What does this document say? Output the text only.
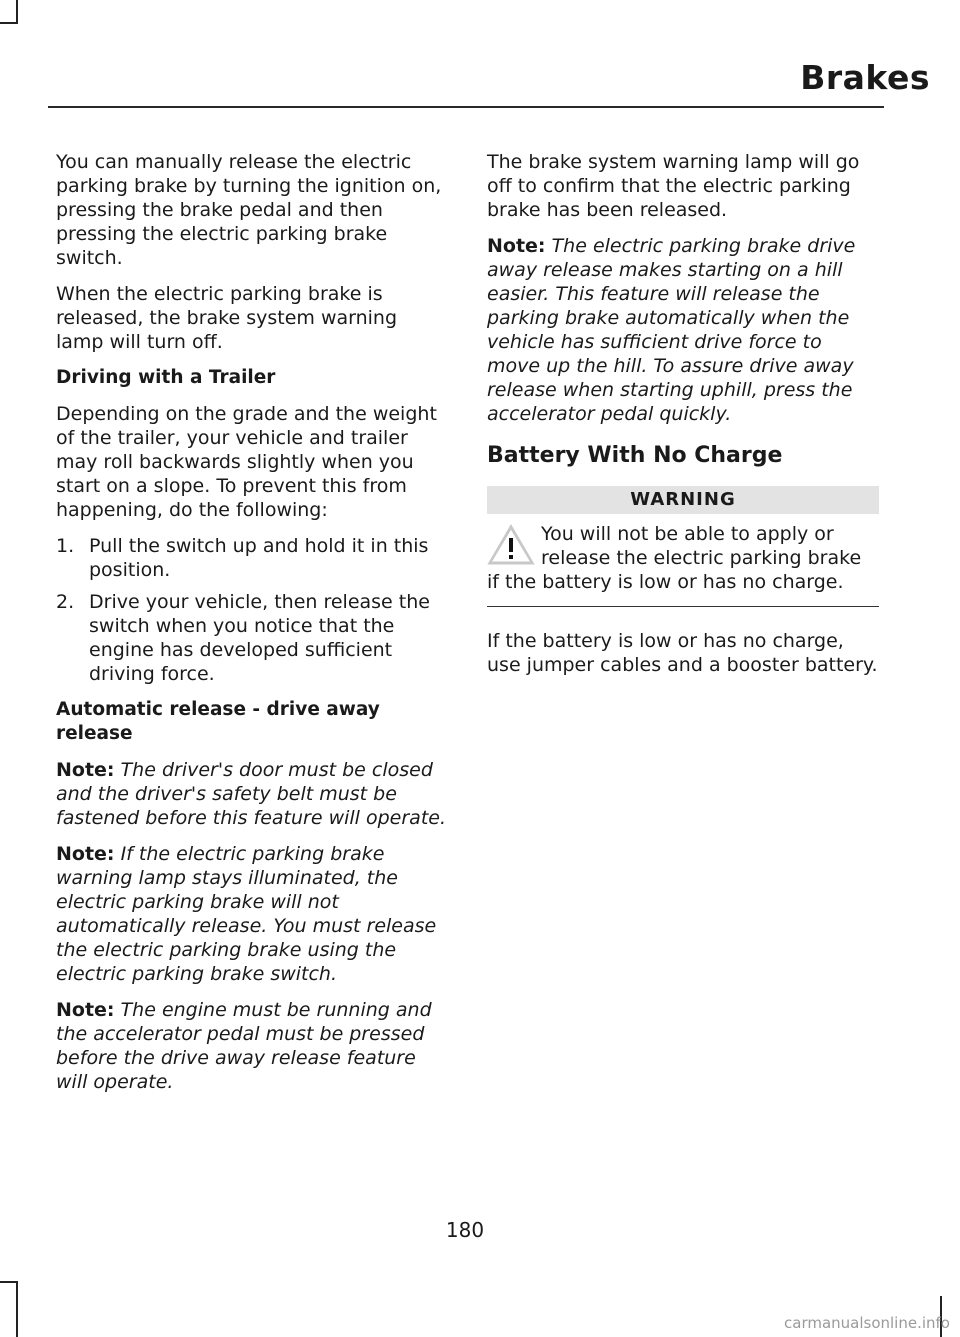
Brakes

You can manually release the electric parking brake by turning the ignition on, pressing the brake pedal and then pressing the electric parking brake switch.

When the electric parking brake is released, the brake system warning lamp will turn off.

Driving with a Trailer

Depending on the grade and the weight of the trailer, your vehicle and trailer may roll backwards slightly when you start on a slope. To prevent this from happening, do the following:

1. Pull the switch up and hold it in this position.
2. Drive your vehicle, then release the switch when you notice that the engine has developed sufficient driving force.
Automatic release - drive away release

Note: The driver's door must be closed and the driver's safety belt must be fastened before this feature will operate.

Note: If the electric parking brake warning lamp stays illuminated, the electric parking brake will not automatically release. You must release the electric parking brake using the electric parking brake switch.

Note: The engine must be running and the accelerator pedal must be pressed before the drive away release feature will operate.

The brake system warning lamp will go off to confirm that the electric parking brake has been released.

Note: The electric parking brake drive away release makes starting on a hill easier. This feature will release the parking brake automatically when the vehicle has sufficient drive force to move up the hill. To assure drive away release when starting uphill, press the accelerator pedal quickly.

Battery With No Charge
WARNING
You will not be able to apply or release the electric parking brake if the battery is low or has no charge.

If the battery is low or has no charge, use jumper cables and a booster battery.

180
carmanualsonline.info
